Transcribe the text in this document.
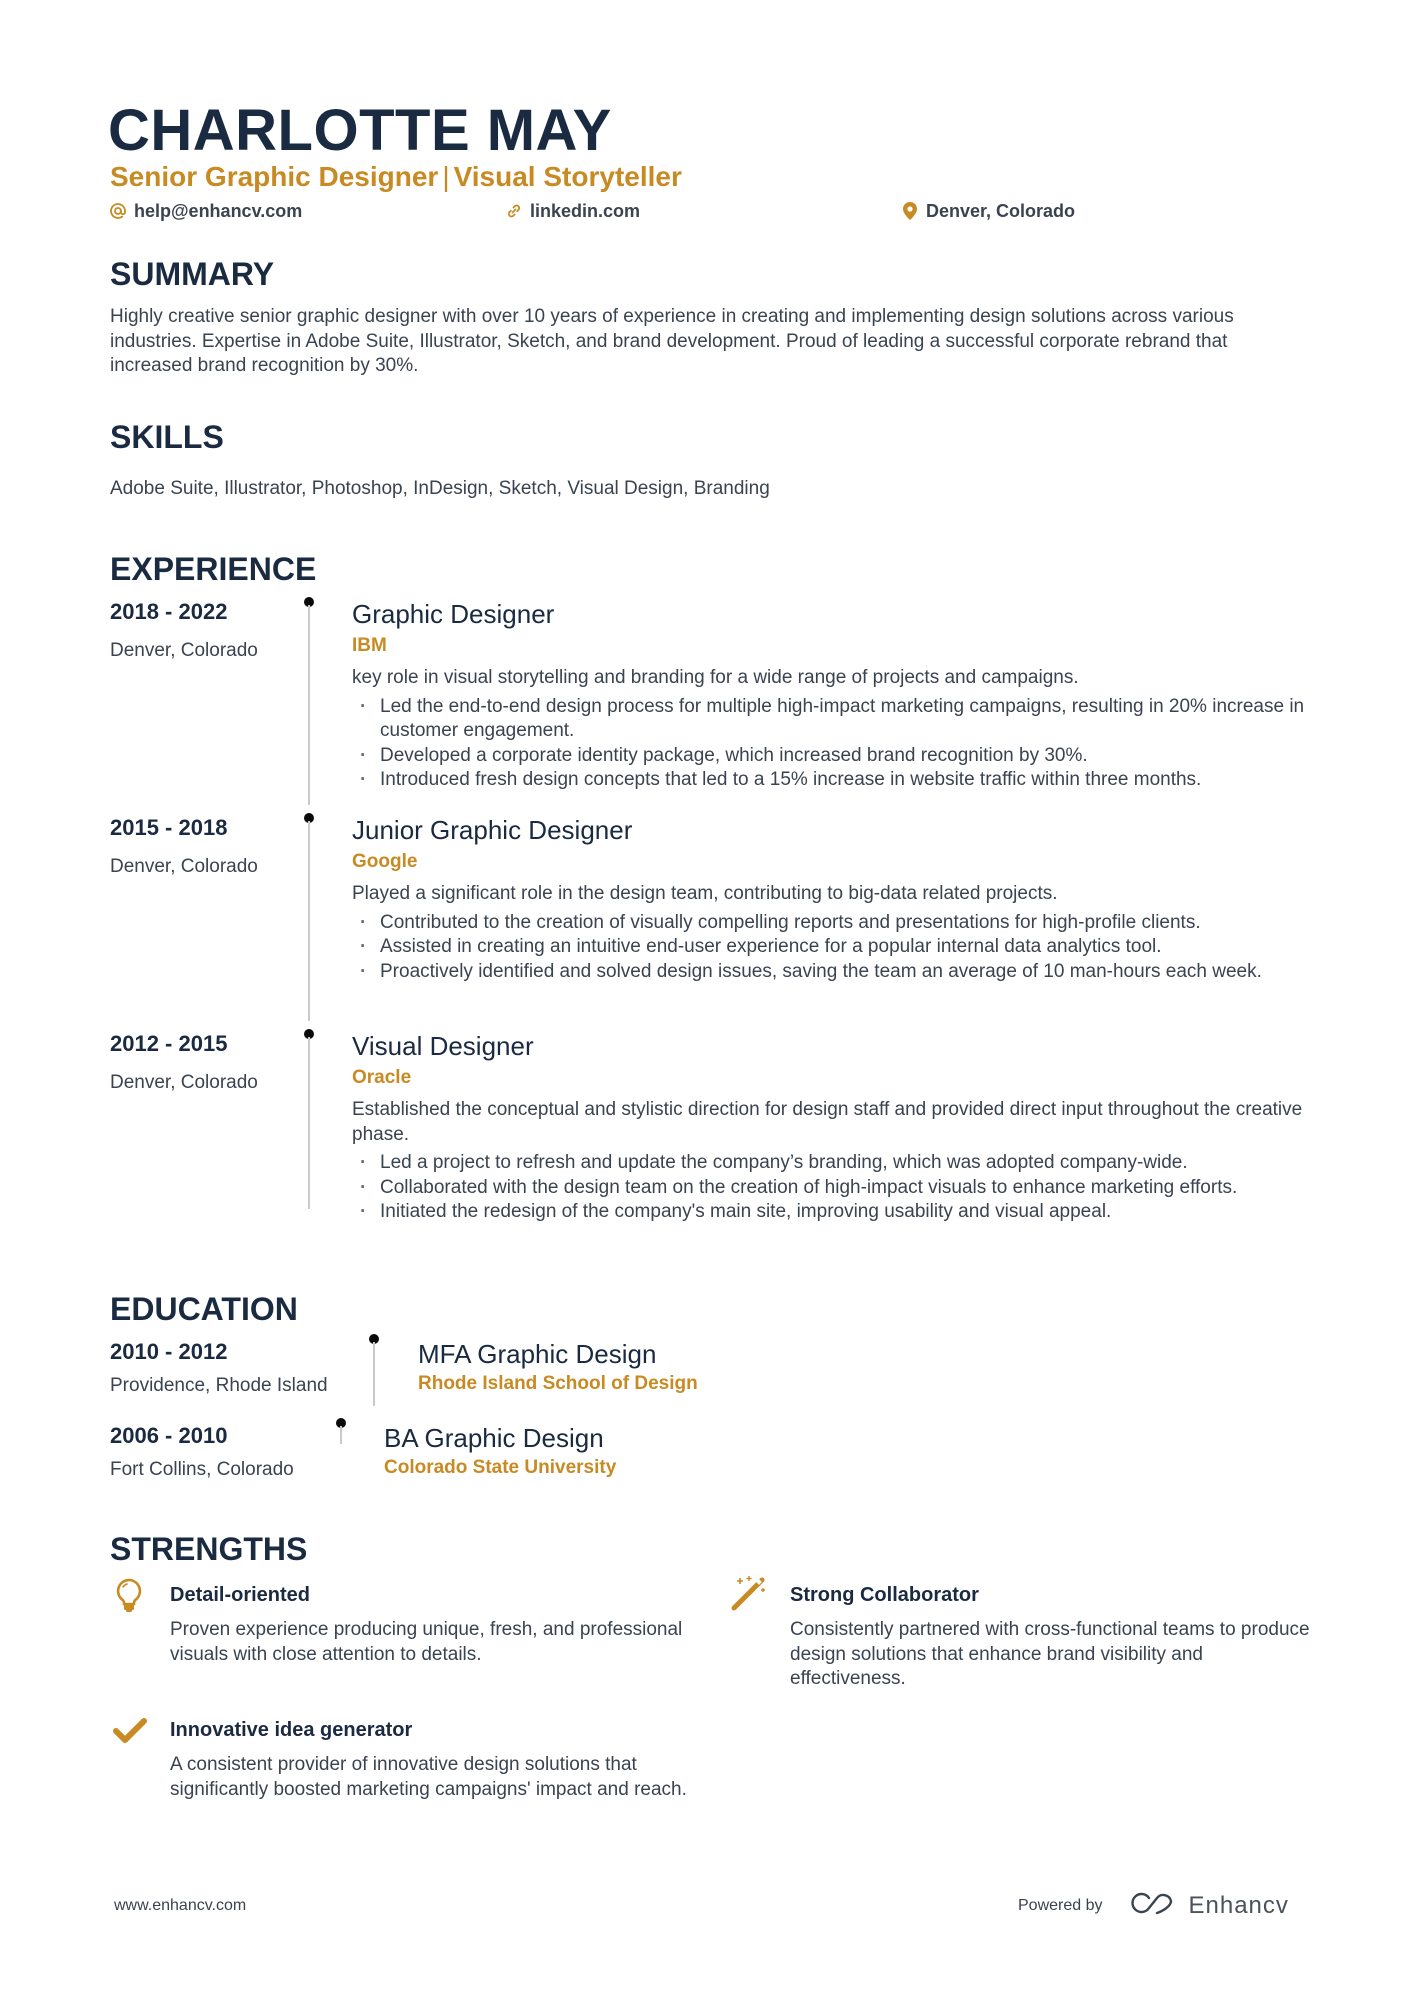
CHARLOTTE MAY
Senior Graphic Designer | Visual Storyteller
help@enhancv.com	linkedin.com	Denver, Colorado
SUMMARY
Highly creative senior graphic designer with over 10 years of experience in creating and implementing design solutions across various industries. Expertise in Adobe Suite, Illustrator, Sketch, and brand development. Proud of leading a successful corporate rebrand that increased brand recognition by 30%.
SKILLS
Adobe Suite, Illustrator, Photoshop, InDesign, Sketch, Visual Design, Branding
EXPERIENCE
2018 - 2022
Denver, Colorado
Graphic Designer
IBM
key role in visual storytelling and branding for a wide range of projects and campaigns.
· Led the end-to-end design process for multiple high-impact marketing campaigns, resulting in 20% increase in customer engagement.
· Developed a corporate identity package, which increased brand recognition by 30%.
· Introduced fresh design concepts that led to a 15% increase in website traffic within three months.
2015 - 2018
Denver, Colorado
Junior Graphic Designer
Google
Played a significant role in the design team, contributing to big-data related projects.
· Contributed to the creation of visually compelling reports and presentations for high-profile clients.
· Assisted in creating an intuitive end-user experience for a popular internal data analytics tool.
· Proactively identified and solved design issues, saving the team an average of 10 man-hours each week.
2012 - 2015
Denver, Colorado
Visual Designer
Oracle
Established the conceptual and stylistic direction for design staff and provided direct input throughout the creative phase.
· Led a project to refresh and update the company’s branding, which was adopted company-wide.
· Collaborated with the design team on the creation of high-impact visuals to enhance marketing efforts.
· Initiated the redesign of the company's main site, improving usability and visual appeal.
EDUCATION
2010 - 2012
Providence, Rhode Island
MFA Graphic Design
Rhode Island School of Design
2006 - 2010
Fort Collins, Colorado
BA Graphic Design
Colorado State University
STRENGTHS
Detail-oriented
Proven experience producing unique, fresh, and professional visuals with close attention to details.
Strong Collaborator
Consistently partnered with cross-functional teams to produce design solutions that enhance brand visibility and effectiveness.
Innovative idea generator
A consistent provider of innovative design solutions that significantly boosted marketing campaigns' impact and reach.
www.enhancv.com	Powered by	Enhancv
